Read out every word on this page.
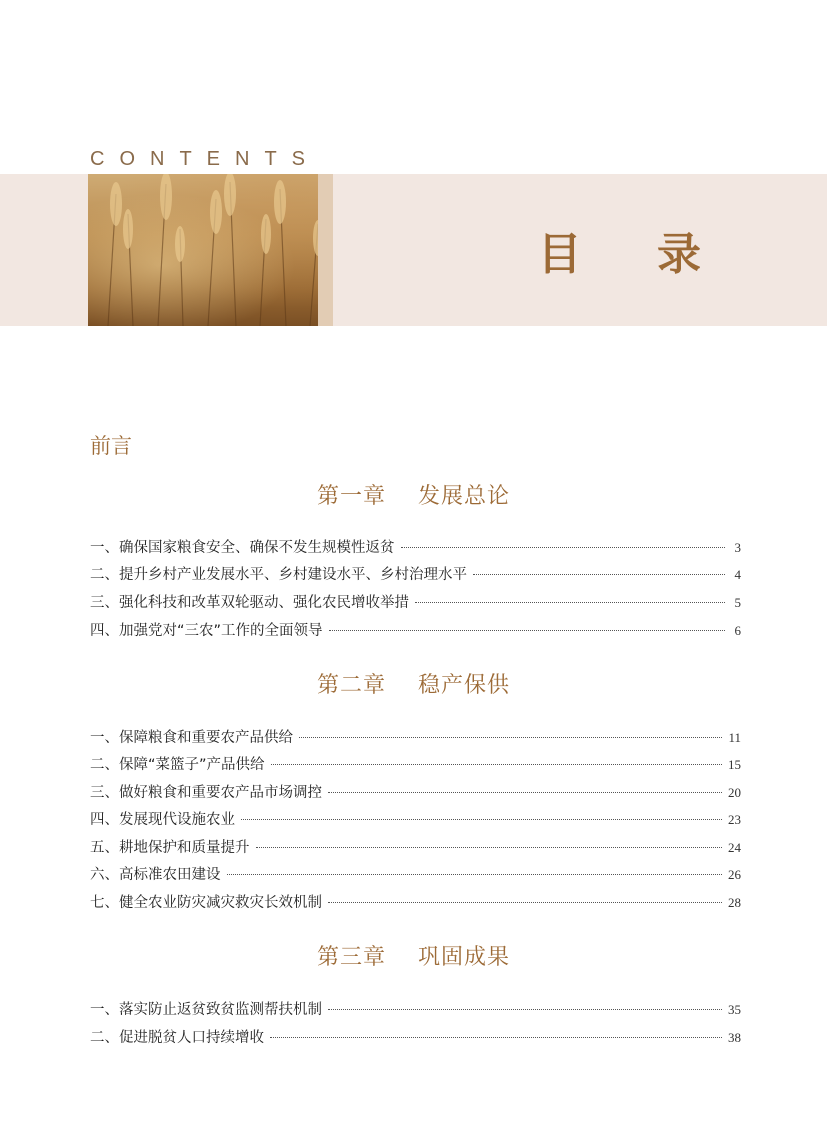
CONTENTS
目 录
前言
第一章 发展总论
一、确保国家粮食安全、确保不发生规模性返贫	3
二、提升乡村产业发展水平、乡村建设水平、乡村治理水平	4
三、强化科技和改革双轮驱动、强化农民增收举措	5
四、加强党对“三农”工作的全面领导	6
第二章 稳产保供
一、保障粮食和重要农产品供给	11
二、保障“菜篮子”产品供给	15
三、做好粮食和重要农产品市场调控	20
四、发展现代设施农业	23
五、耕地保护和质量提升	24
六、高标准农田建设	26
七、健全农业防灾减灾救灾长效机制	28
第三章 巩固成果
一、落实防止返贫致贫监测帮扶机制	35
二、促进脱贫人口持续增收	38
